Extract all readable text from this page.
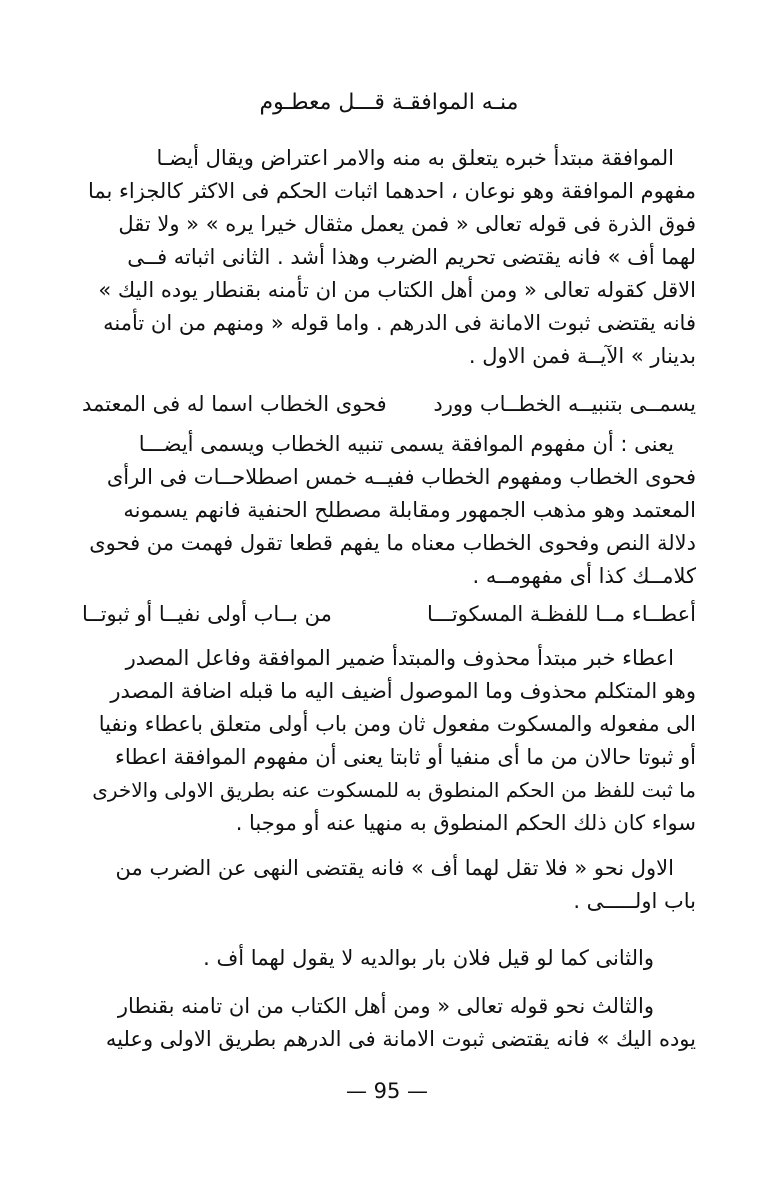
منـه الموافقـة قـــل معطـوم
الموافقة مبتدأ خبره يتعلق به منه والامر اعتراض ويقال أيضـا
مفهوم الموافقة وهو نوعان ، احدهما اثبات الحكم فى الاكثر كالجزاء بما
فوق الذرة فى قوله تعالى « فمن يعمل مثقال خيرا يره » « ولا تقل
لهما أف » فانه يقتضى تحريم الضرب وهذا أشد . الثانى اثباته فــى
الاقل كقوله تعالى « ومن أهل الكتاب من ان تأمنه بقنطار يوده اليك »
فانه يقتضى ثبوت الامانة فى الدرهم . واما قوله « ومنهم من ان تأمنه
بدينار » الآيــة فمن الاول .
يسمــى بتنبيــه الخطــاب وورد
فحوى الخطاب اسما له فى المعتمد
يعنى : أن مفهوم الموافقة يسمى تنبيه الخطاب ويسمى أيضـــا
فحوى الخطاب ومفهوم الخطاب ففيــه خمس اصطلاحــات فى الرأى
المعتمد وهو مذهب الجمهور ومقابلة مصطلح الحنفية فانهم يسمونه
دلالة النص وفحوى الخطاب معناه ما يفهم قطعا تقول فهمت من فحوى
كلامــك كذا أى مفهومــه .
أعطــاء مــا للفظـة المسكوتـــا
من بــاب أولى نفيــا أو ثبوتــا
اعطاء خبر مبتدأ محذوف والمبتدأ ضمير الموافقة وفاعل المصدر
وهو المتكلم محذوف وما الموصول أضيف اليه ما قبله اضافة المصدر
الى مفعوله والمسكوت مفعول ثان ومن باب أولى متعلق باعطاء ونفيا
أو ثبوتا حالان من ما أى منفيا أو ثابتا يعنى أن مفهوم الموافقة اعطاء
ما ثبت للفظ من الحكم المنطوق به للمسكوت عنه بطريق الاولى والاخرى
سواء كان ذلك الحكم المنطوق به منهيا عنه أو موجبا .
الاول نحو « فلا تقل لهما أف » فانه يقتضى النهى عن الضرب من
باب اولـــــى .
والثانى كما لو قيل فلان بار بوالديه لا يقول لهما أف .
والثالث نحو قوله تعالى « ومن أهل الكتاب من ان تامنه بقنطار
يوده اليك » فانه يقتضى ثبوت الامانة فى الدرهم بطريق الاولى وعليه
— 95 —
